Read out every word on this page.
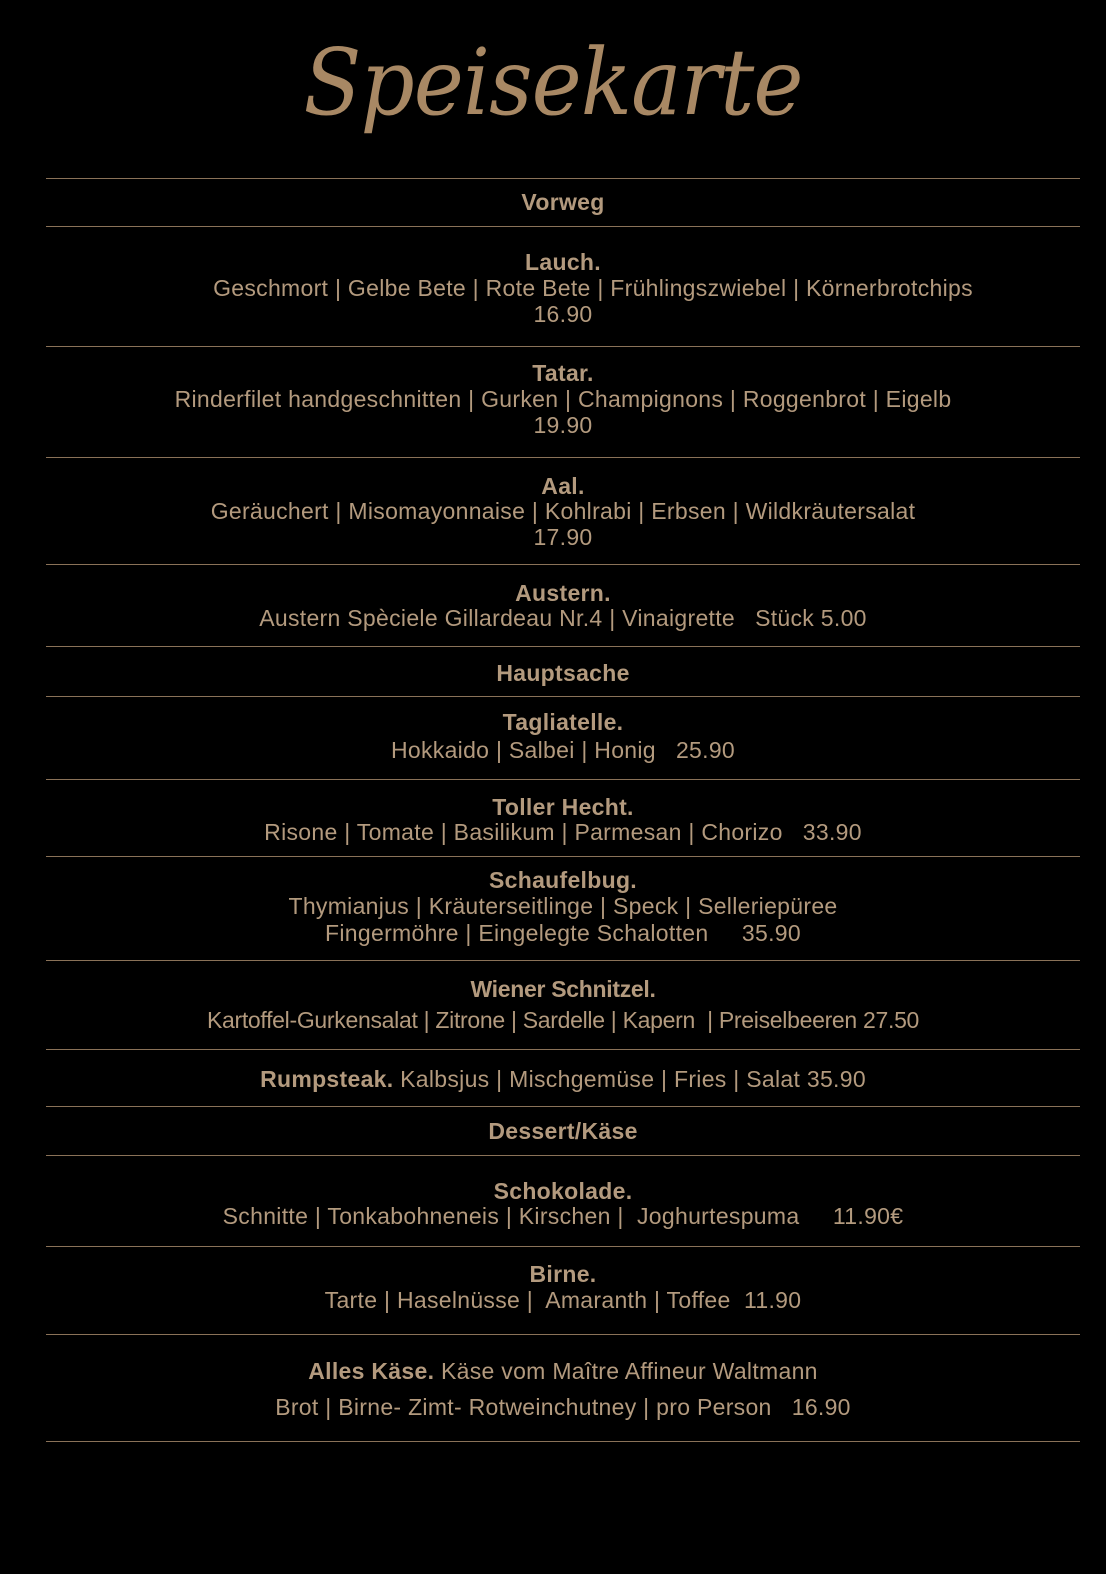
Speisekarte
Vorweg
Lauch.
Geschmort | Gelbe Bete | Rote Bete | Frühlingszwiebel | Körnerbrotchips
16.90
Tatar.
Rinderfilet handgeschnitten | Gurken | Champignons | Roggenbrot | Eigelb
19.90
Aal.
Geräuchert | Misomayonnaise | Kohlrabi | Erbsen | Wildkräutersalat
17.90
Austern.
Austern Spèciele Gillardeau Nr.4 | Vinaigrette   Stück 5.00
Hauptsache
Tagliatelle.
Hokkaido | Salbei | Honig   25.90
Toller Hecht.
Risone | Tomate | Basilikum | Parmesan | Chorizo   33.90
Schaufelbug.
Thymianjus | Kräuterseitlinge | Speck | Selleriepüree
Fingermöhre | Eingelegte Schalotten     35.90
Wiener Schnitzel.
Kartoffel-Gurkensalat | Zitrone | Sardelle | Kapern  | Preiselbeeren 27.50
Rumpsteak. Kalbsjus | Mischgemüse | Fries | Salat 35.90
Dessert/Käse
Schokolade.
Schnitte | Tonkabohneneis | Kirschen |  Joghurtespuma     11.90€
Birne.
Tarte | Haselnüsse |  Amaranth | Toffee  11.90
Alles Käse. Käse vom Maître Affineur Waltmann
Brot | Birne- Zimt- Rotweinchutney | pro Person   16.90
